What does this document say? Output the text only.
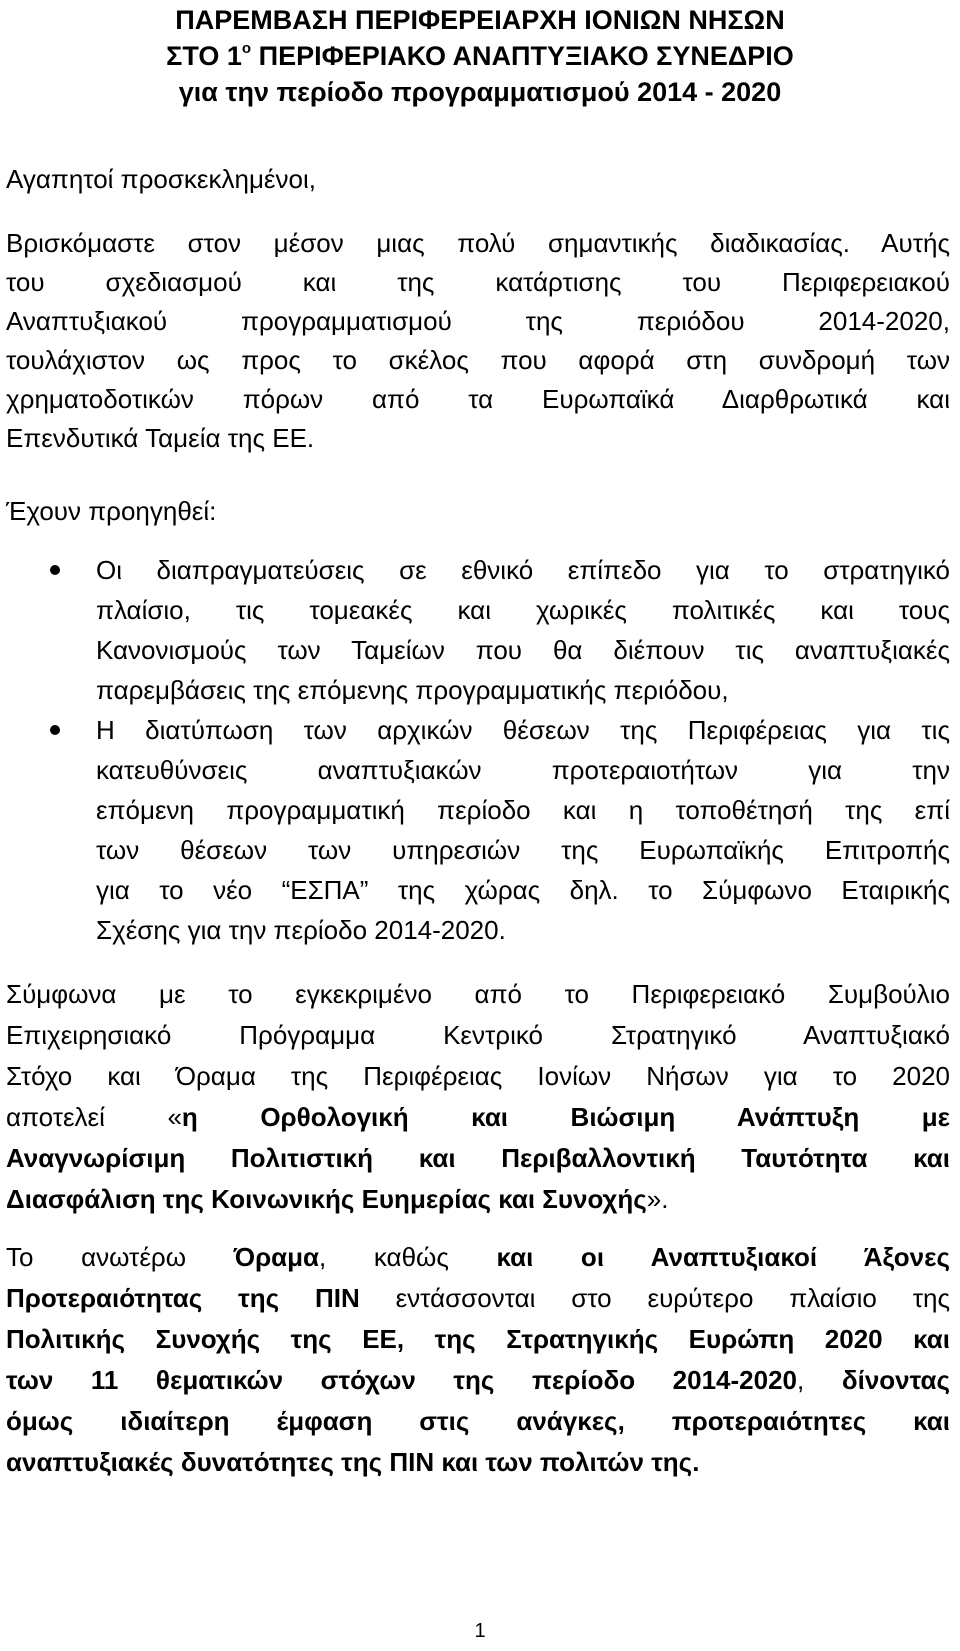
ΠΑΡΕΜΒΑΣΗ ΠΕΡΙΦΕΡΕΙΑΡΧΗ ΙΟΝΙΩΝ ΝΗΣΩΝ
ΣΤΟ $1^o$ ΠΕΡΙΦΕΡΙΑΚΟ ΑΝΑΠΤΥΞΙΑΚΟ ΣΥΝΕΔΡΙΟ
για την περίοδο προγραμματισμού 2014 - 2020
Αγαπητοί προσκεκλημένοι,
Βρισκόμαστε στον μέσον μιας πολύ σημαντικής διαδικασίας. Αυτής
του σχεδιασμού και της κατάρτισης του Περιφερειακού
Αναπτυξιακού προγραμματισμού της περιόδου 2014-2020,
τουλάχιστον ως προς το σκέλος που αφορά στη συνδρομή των
χρηματοδοτικών πόρων από τα Ευρωπαϊκά Διαρθρωτικά και
Επενδυτικά Ταμεία της ΕΕ.
Έχουν προηγηθεί:
Οι διαπραγματεύσεις σε εθνικό επίπεδο για το στρατηγικό
πλαίσιο, τις τομεακές και χωρικές πολιτικές και τους
Κανονισμούς των Ταμείων που θα διέπουν τις αναπτυξιακές
παρεμβάσεις της επόμενης προγραμματικής περιόδου,
Η διατύπωση των αρχικών θέσεων της Περιφέρειας για τις
κατευθύνσεις αναπτυξιακών προτεραιοτήτων για την
επόμενη προγραμματική περίοδο και η τοποθέτησή της επί
των θέσεων των υπηρεσιών της Ευρωπαϊκής Επιτροπής
για το νέο “ΕΣΠΑ” της χώρας δηλ. το Σύμφωνο Εταιρικής
Σχέσης για την περίοδο 2014-2020.
Σύμφωνα με το εγκεκριμένο από το Περιφερειακό Συμβούλιο
Επιχειρησιακό Πρόγραμμα Κεντρικό Στρατηγικό Αναπτυξιακό
Στόχο και Όραμα της Περιφέρειας Ιονίων Νήσων για το 2020
αποτελεί «η Ορθολογική και Βιώσιμη Ανάπτυξη με
Αναγνωρίσιμη Πολιτιστική και Περιβαλλοντική Ταυτότητα και
Διασφάλιση της Κοινωνικής Ευημερίας και Συνοχής».
Το ανωτέρω Όραμα, καθώς και οι Αναπτυξιακοί Άξονες
Προτεραιότητας της ΠΙΝ εντάσσονται στο ευρύτερο πλαίσιο της
Πολιτικής Συνοχής της ΕΕ, της Στρατηγικής Ευρώπη 2020 και
των 11 θεματικών στόχων της περίοδο 2014-2020, δίνοντας
όμως ιδιαίτερη έμφαση στις ανάγκες, προτεραιότητες και
αναπτυξιακές δυνατότητες της ΠΙΝ και των πολιτών της.
1
